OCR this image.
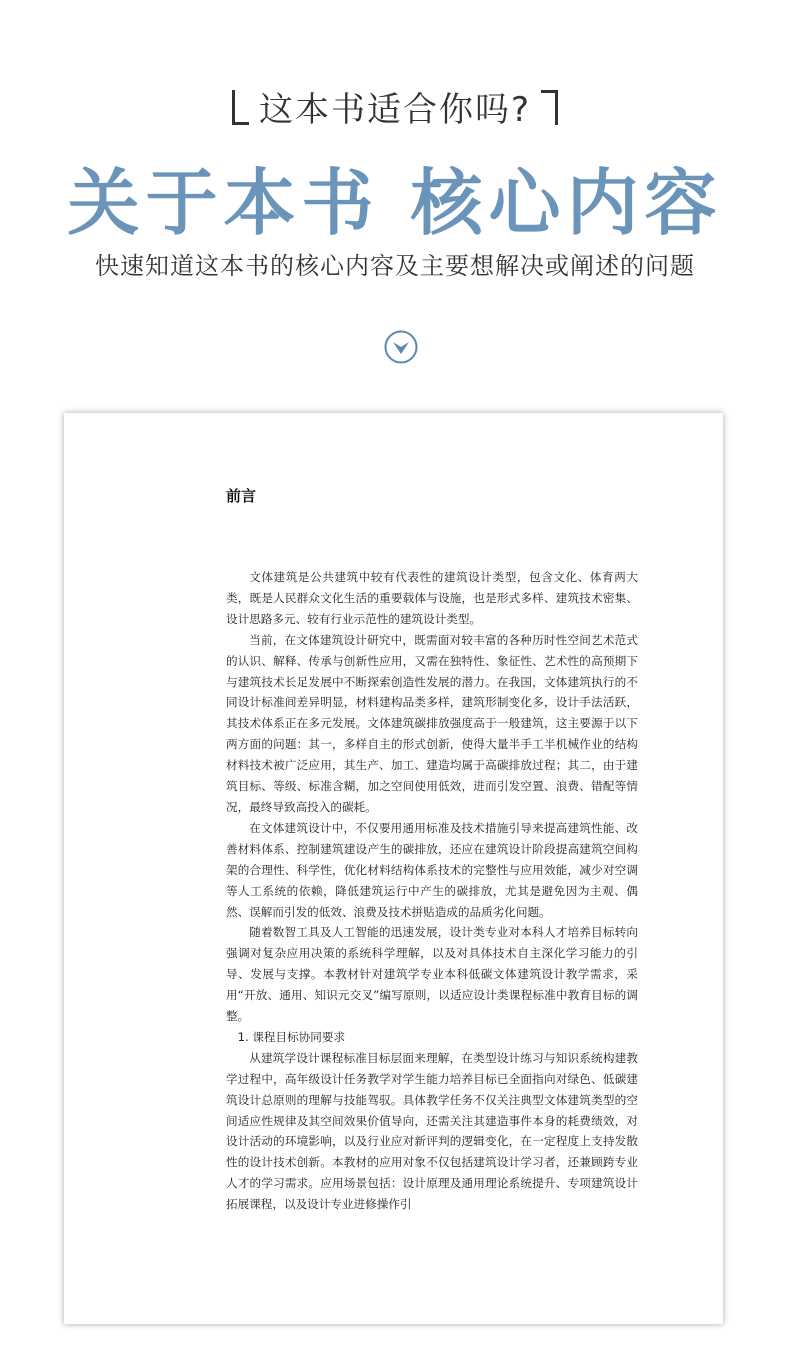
这本书适合你吗?
关于本书 核心内容
快速知道这本书的核心内容及主要想解决或阐述的问题
前言

文体建筑是公共建筑中较有代表性的建筑设计类型，包含文化、体育两大类，既是人民群众文化生活的重要载体与设施，也是形式多样、建筑技术密集、设计思路多元、较有行业示范性的建筑设计类型。

当前，在文体建筑设计研究中，既需面对较丰富的各种历时性空间艺术范式的认识、解释、传承与创新性应用，又需在独特性、象征性、艺术性的高预期下与建筑技术长足发展中不断探索创造性发展的潜力。在我国，文体建筑执行的不同设计标准间差异明显，材料建构品类多样，建筑形制变化多，设计手法活跃，其技术体系正在多元发展。文体建筑碳排放强度高于一般建筑，这主要源于以下两方面的问题：其一，多样自主的形式创新，使得大量半手工半机械作业的结构材料技术被广泛应用，其生产、加工、建造均属于高碳排放过程；其二，由于建筑目标、等级、标准含糊，加之空间使用低效，进而引发空置、浪费、错配等情况，最终导致高投入的碳耗。

在文体建筑设计中，不仅要用通用标准及技术措施引导来提高建筑性能、改善材料体系、控制建筑建设产生的碳排放，还应在建筑设计阶段提高建筑空间构架的合理性、科学性，优化材料结构体系技术的完整性与应用效能，减少对空调等人工系统的依赖，降低建筑运行中产生的碳排放，尤其是避免因为主观、偶然、误解而引发的低效、浪费及技术拼贴造成的品质劣化问题。

随着数智工具及人工智能的迅速发展，设计类专业对本科人才培养目标转向强调对复杂应用决策的系统科学理解，以及对具体技术自主深化学习能力的引导、发展与支撑。本教材针对建筑学专业本科低碳文体建筑设计教学需求，采用“开放、通用、知识元交叉”编写原则，以适应设计类课程标准中教育目标的调整。

1. 课程目标协同要求

从建筑学设计课程标准目标层面来理解，在类型设计练习与知识系统构建教学过程中，高年级设计任务教学对学生能力培养目标已全面指向对绿色、低碳建筑设计总原则的理解与技能驾驭。具体教学任务不仅关注典型文体建筑类型的空间适应性规律及其空间效果价值导向，还需关注其建造事件本身的耗费绩效，对设计活动的环境影响，以及行业应对新评判的逻辑变化，在一定程度上支持发散性的设计技术创新。本教材的应用对象不仅包括建筑设计学习者，还兼顾跨专业人才的学习需求。应用场景包括：设计原理及通用理论系统提升、专项建筑设计拓展课程，以及设计专业进修操作引
